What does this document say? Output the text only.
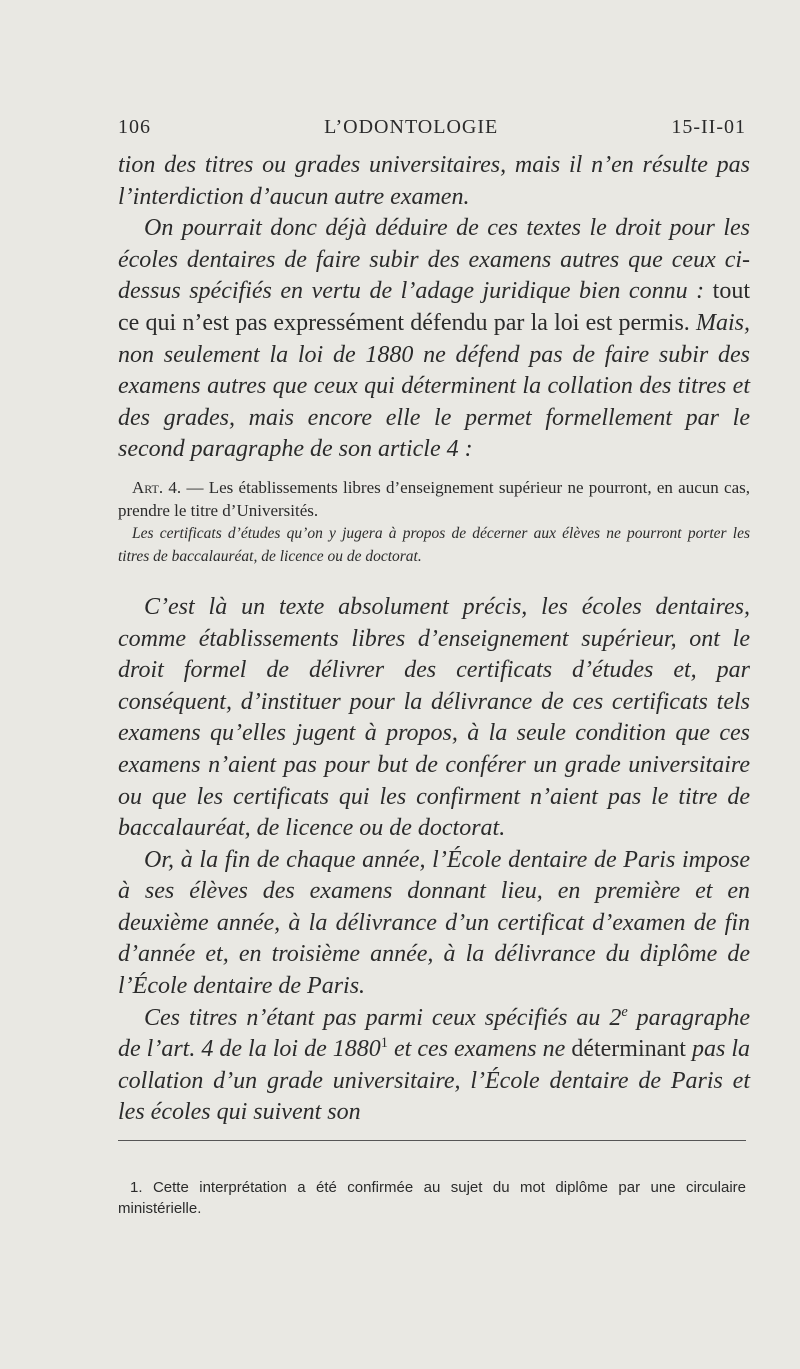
106	L’ODONTOLOGIE	15-II-01

tion des titres ou grades universitaires, mais il n’en résulte pas l’interdiction d’aucun autre examen.

On pourrait donc déjà déduire de ces textes le droit pour les écoles dentaires de faire subir des examens autres que ceux ci-dessus spécifiés en vertu de l’adage juridique bien connu : tout ce qui n’est pas expressément défendu par la loi est permis. Mais, non seulement la loi de 1880 ne défend pas de faire subir des examens autres que ceux qui déterminent la collation des titres et des grades, mais encore elle le permet formellement par le second paragraphe de son article 4 :

Art. 4. — Les établissements libres d’enseignement supérieur ne pourront, en aucun cas, prendre le titre d’Universités.

Les certificats d’études qu’on y jugera à propos de décerner aux élèves ne pourront porter les titres de baccalauréat, de licence ou de doctorat.

C’est là un texte absolument précis, les écoles dentaires, comme établissements libres d’enseignement supérieur, ont le droit formel de délivrer des certificats d’études et, par conséquent, d’instituer pour la délivrance de ces certificats tels examens qu’elles jugent à propos, à la seule condition que ces examens n’aient pas pour but de conférer un grade universitaire ou que les certificats qui les confirment n’aient pas le titre de baccalauréat, de licence ou de doctorat.

Or, à la fin de chaque année, l’École dentaire de Paris impose à ses élèves des examens donnant lieu, en première et en deuxième année, à la délivrance d’un certificat d’examen de fin d’année et, en troisième année, à la délivrance du diplôme de l’École dentaire de Paris.

Ces titres n’étant pas parmi ceux spécifiés au 2e paragraphe de l’art. 4 de la loi de 1880$^1$ et ces examens ne déterminant pas la collation d’un grade universitaire, l’École dentaire de Paris et les écoles qui suivent son

1. Cette interprétation a été confirmée au sujet du mot diplôme par une circulaire ministérielle.
